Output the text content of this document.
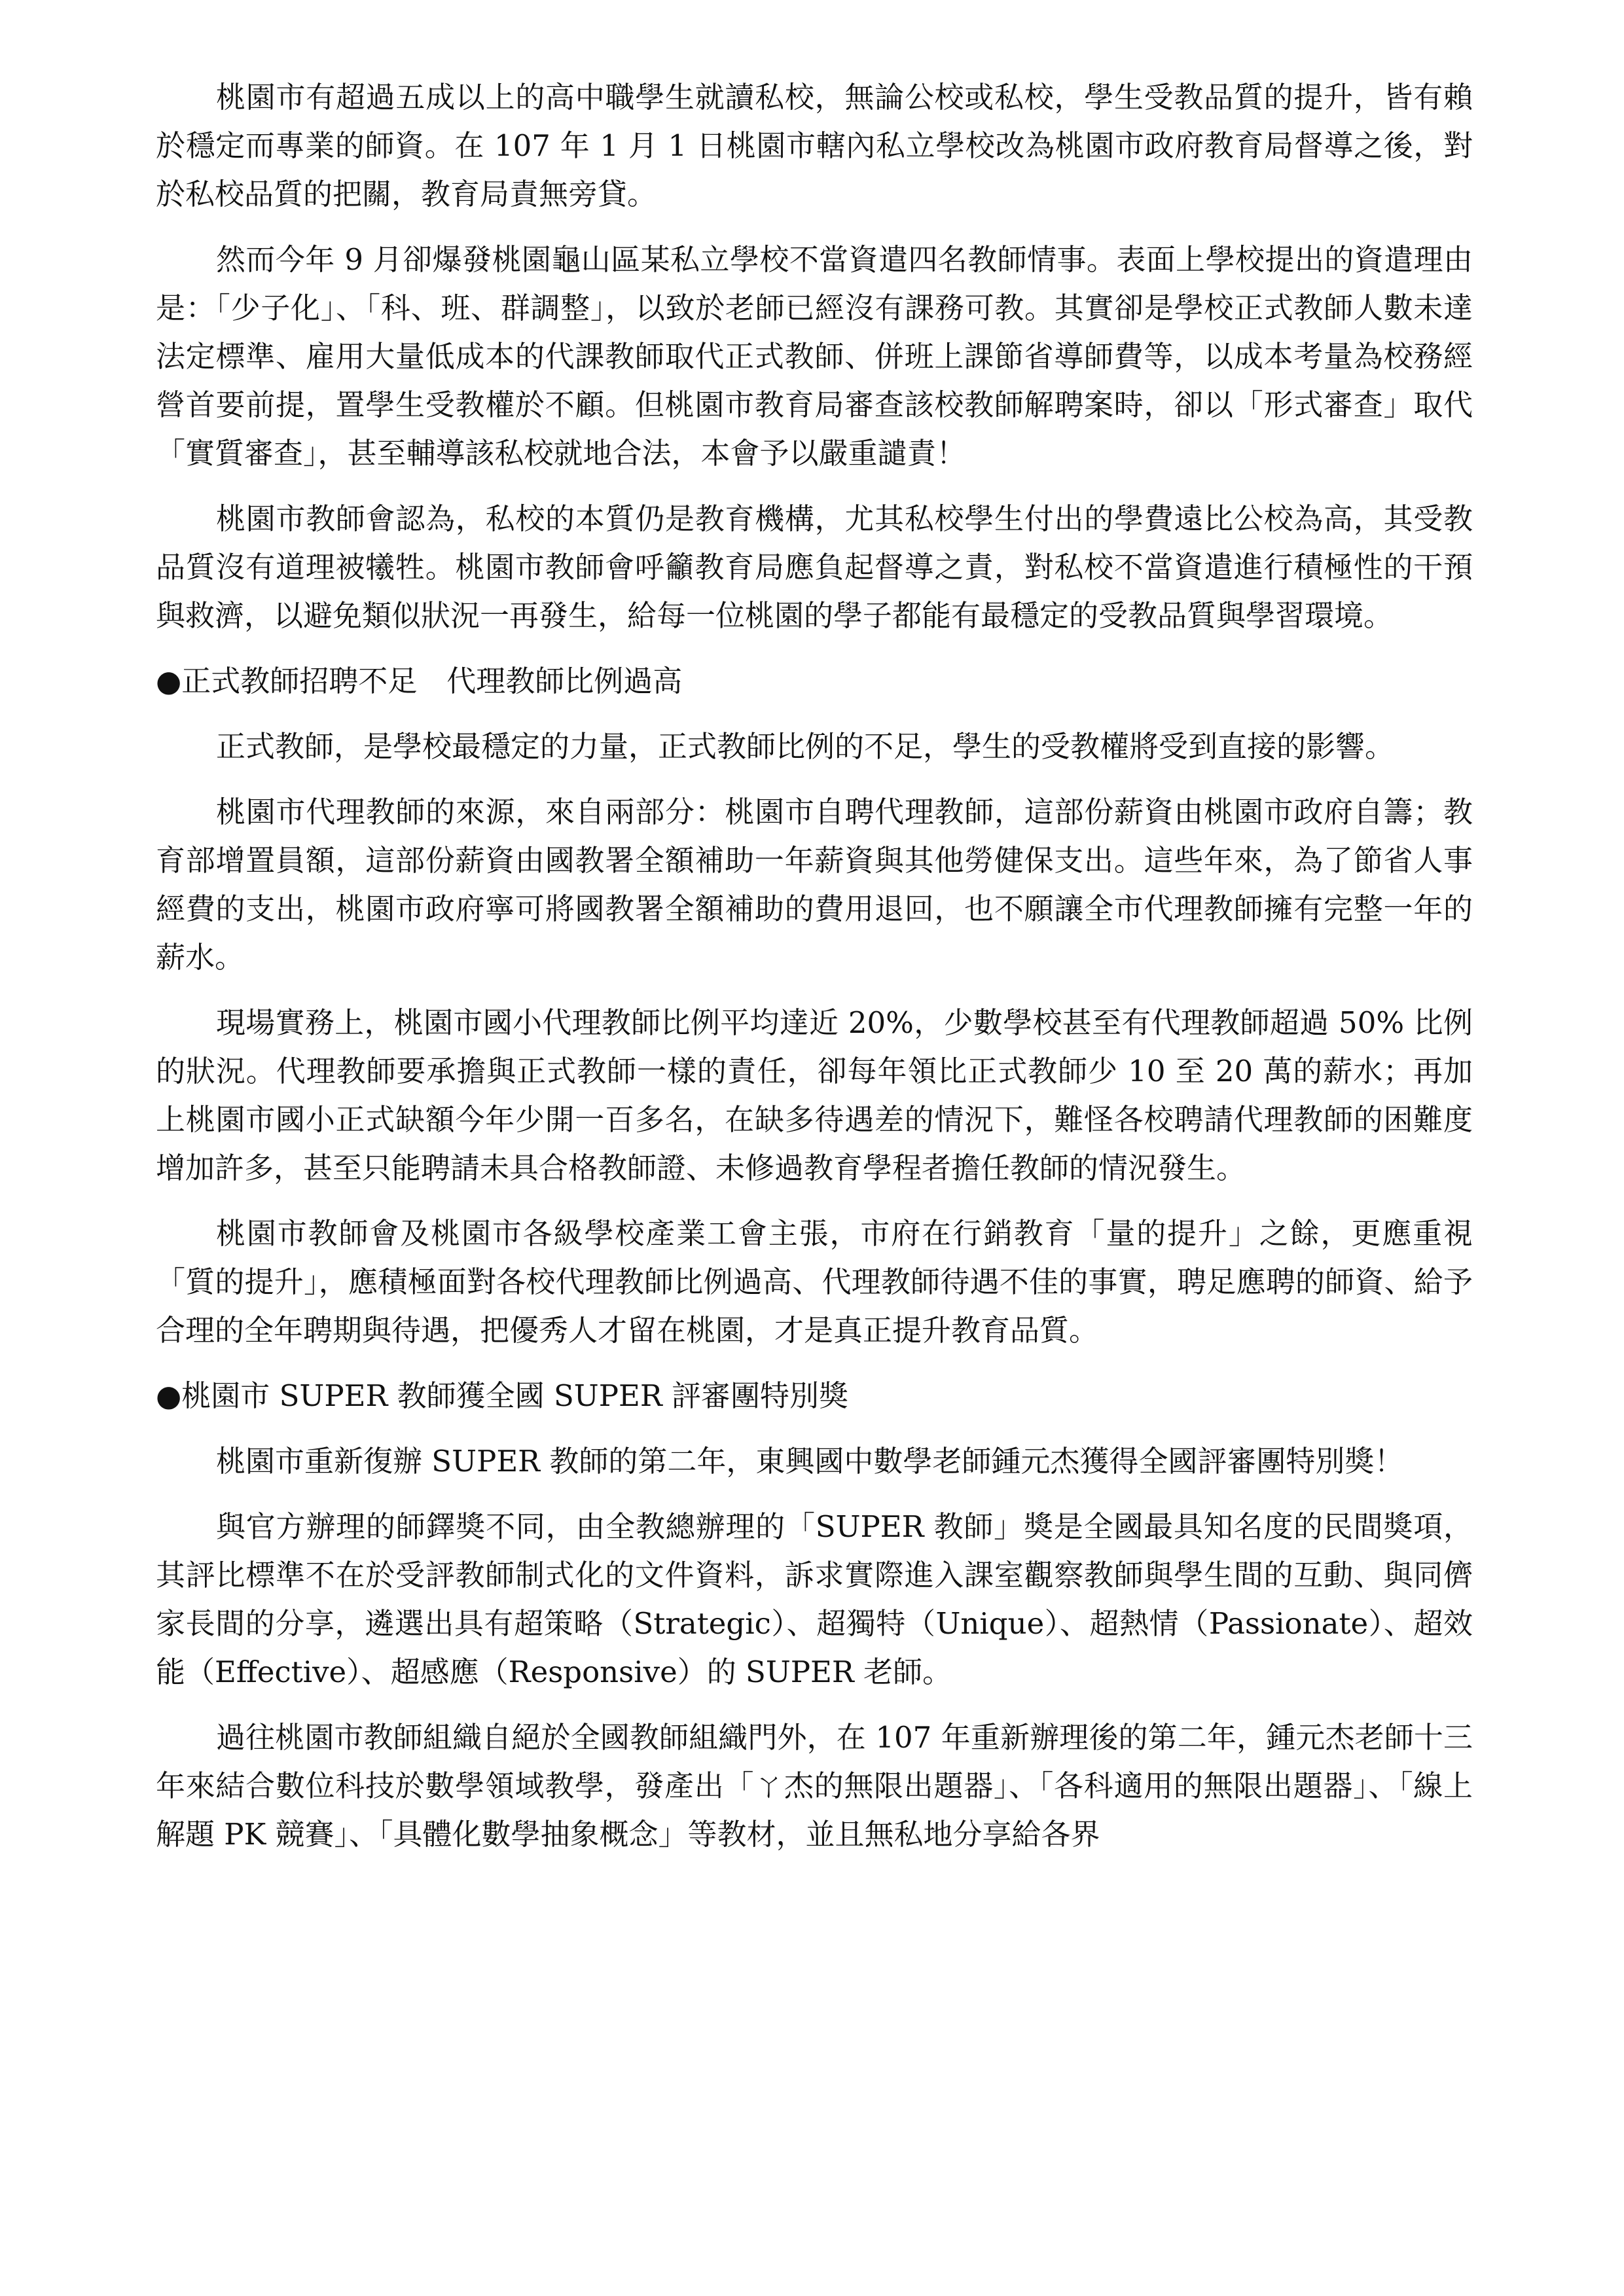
桃園市有超過五成以上的高中職學生就讀私校，無論公校或私校，學生受教品質的提升，皆有賴於穩定而專業的師資。在 107 年 1 月 1 日桃園市轄內私立學校改為桃園市政府教育局督導之後，對於私校品質的把關，教育局責無旁貸。

然而今年 9 月卻爆發桃園龜山區某私立學校不當資遣四名教師情事。表面上學校提出的資遣理由是：「少子化」、「科、班、群調整」，以致於老師已經沒有課務可教。其實卻是學校正式教師人數未達法定標準、雇用大量低成本的代課教師取代正式教師、併班上課節省導師費等，以成本考量為校務經營首要前提，置學生受教權於不顧。但桃園市教育局審查該校教師解聘案時，卻以「形式審查」取代「實質審查」，甚至輔導該私校就地合法，本會予以嚴重譴責！

桃園市教師會認為，私校的本質仍是教育機構，尤其私校學生付出的學費遠比公校為高，其受教品質沒有道理被犧牲。桃園市教師會呼籲教育局應負起督導之責，對私校不當資遣進行積極性的干預與救濟，以避免類似狀況一再發生，給每一位桃園的學子都能有最穩定的受教品質與學習環境。

●正式教師招聘不足　代理教師比例過高

正式教師，是學校最穩定的力量，正式教師比例的不足，學生的受教權將受到直接的影響。

桃園市代理教師的來源，來自兩部分：桃園市自聘代理教師，這部份薪資由桃園市政府自籌；教育部增置員額，這部份薪資由國教署全額補助一年薪資與其他勞健保支出。這些年來，為了節省人事經費的支出，桃園市政府寧可將國教署全額補助的費用退回，也不願讓全市代理教師擁有完整一年的薪水。

現場實務上，桃園市國小代理教師比例平均達近 20%，少數學校甚至有代理教師超過 50% 比例的狀況。代理教師要承擔與正式教師一樣的責任，卻每年領比正式教師少 10 至 20 萬的薪水；再加上桃園市國小正式缺額今年少開一百多名，在缺多待遇差的情況下，難怪各校聘請代理教師的困難度增加許多，甚至只能聘請未具合格教師證、未修過教育學程者擔任教師的情況發生。

桃園市教師會及桃園市各級學校產業工會主張，市府在行銷教育「量的提升」之餘，更應重視「質的提升」，應積極面對各校代理教師比例過高、代理教師待遇不佳的事實，聘足應聘的師資、給予合理的全年聘期與待遇，把優秀人才留在桃園，才是真正提升教育品質。

●桃園市 SUPER 教師獲全國 SUPER 評審團特別獎

桃園市重新復辦 SUPER 教師的第二年，東興國中數學老師鍾元杰獲得全國評審團特別獎！

與官方辦理的師鐸獎不同，由全教總辦理的「SUPER 教師」獎是全國最具知名度的民間獎項，其評比標準不在於受評教師制式化的文件資料，訴求實際進入課室觀察教師與學生間的互動、與同儕家長間的分享，遴選出具有超策略（Strategic）、超獨特（Unique）、超熱情（Passionate）、超效能（Effective）、超感應（Responsive）的 SUPER 老師。

過往桃園市教師組織自絕於全國教師組織門外，在 107 年重新辦理後的第二年，鍾元杰老師十三年來結合數位科技於數學領域教學，發產出「ㄚ杰的無限出題器」、「各科適用的無限出題器」、「線上解題 PK 競賽」、「具體化數學抽象概念」等教材，並且無私地分享給各界
